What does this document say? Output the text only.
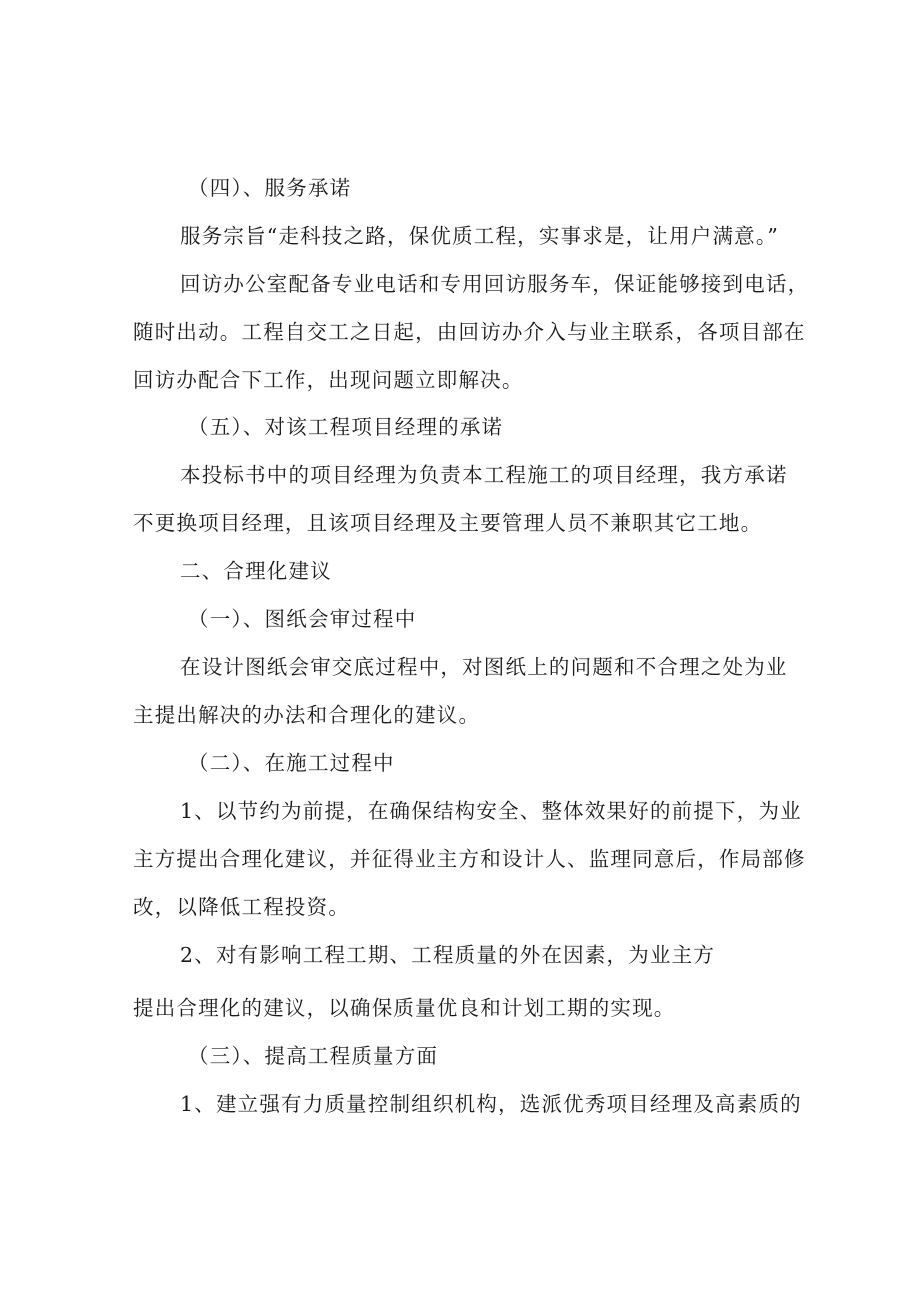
（四）、服务承诺
服务宗旨“走科技之路，保优质工程，实事求是，让用户满意。”
回访办公室配备专业电话和专用回访服务车，保证能够接到电话，
随时出动。工程自交工之日起，由回访办介入与业主联系，各项目部在
回访办配合下工作，出现问题立即解决。
（五）、对该工程项目经理的承诺
本投标书中的项目经理为负责本工程施工的项目经理，我方承诺
不更换项目经理，且该项目经理及主要管理人员不兼职其它工地。
二、合理化建议
（一）、图纸会审过程中
在设计图纸会审交底过程中，对图纸上的问题和不合理之处为业
主提出解决的办法和合理化的建议。
（二）、在施工过程中
1、以节约为前提，在确保结构安全、整体效果好的前提下，为业
主方提出合理化建议，并征得业主方和设计人、监理同意后，作局部修
改，以降低工程投资。
2、对有影响工程工期、工程质量的外在因素，为业主方
提出合理化的建议，以确保质量优良和计划工期的实现。
（三）、提高工程质量方面
1、建立强有力质量控制组织机构，选派优秀项目经理及高素质的
